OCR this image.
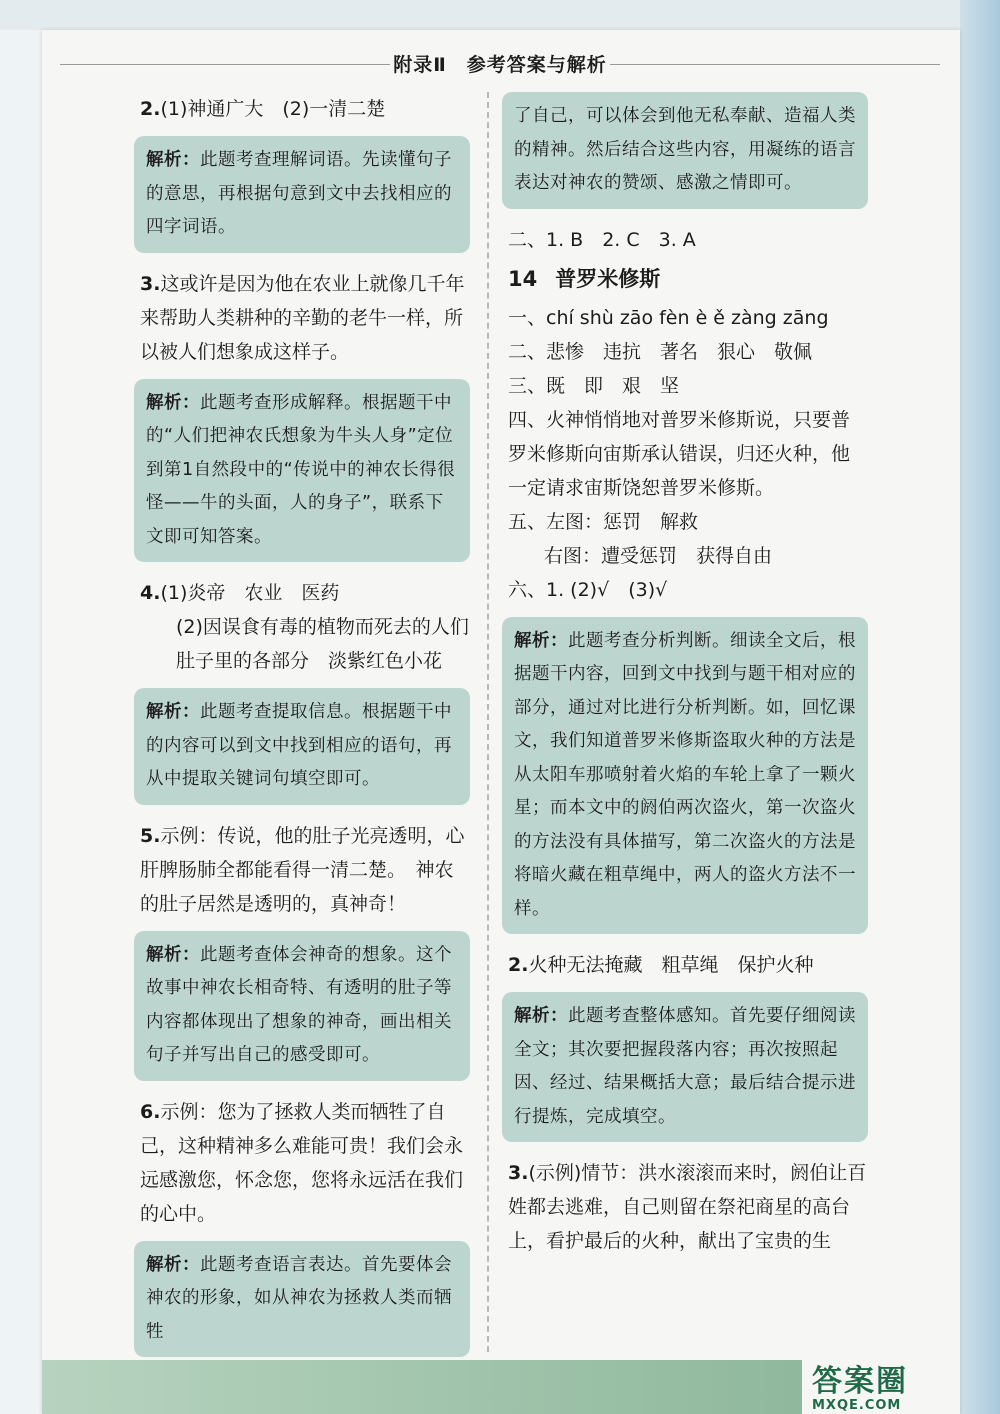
附录Ⅱ　参考答案与解析

2.(1)神通广大　(2)一清二楚

解析：此题考查理解词语。先读懂句子的意思，再根据句意到文中去找相应的四字词语。

3.这或许是因为他在农业上就像几千年来帮助人类耕种的辛勤的老牛一样，所以被人们想象成这样子。

解析：此题考查形成解释。根据题干中的“人们把神农氏想象为牛头人身”定位到第1自然段中的“传说中的神农长得很怪——牛的头面，人的身子”，联系下文即可知答案。

4.(1)炎帝　农业　医药

(2)因误食有毒的植物而死去的人们

肚子里的各部分　淡紫红色小花

解析：此题考查提取信息。根据题干中的内容可以到文中找到相应的语句，再从中提取关键词句填空即可。

5.示例：传说，他的肚子光亮透明，心肝脾肠肺全都能看得一清二楚。　神农的肚子居然是透明的，真神奇！

解析：此题考查体会神奇的想象。这个故事中神农长相奇特、有透明的肚子等内容都体现出了想象的神奇，画出相关句子并写出自己的感受即可。

6.示例：您为了拯救人类而牺牲了自己，这种精神多么难能可贵！我们会永远感激您，怀念您，您将永远活在我们的心中。

解析：此题考查语言表达。首先要体会神农的形象，如从神农为拯救人类而牺牲
了自己，可以体会到他无私奉献、造福人类的精神。然后结合这些内容，用凝练的语言表达对神农的赞颂、感激之情即可。

二、1. B　2. C　3. A

14 普罗米修斯

一、chí shù zāo fèn è ě zàng zāng

二、悲惨　违抗　著名　狠心　敬佩

三、既　即　艰　坚

四、火神悄悄地对普罗米修斯说，只要普罗米修斯向宙斯承认错误，归还火种，他一定请求宙斯饶恕普罗米修斯。

五、左图：惩罚　解救

右图：遭受惩罚　获得自由

六、1. (2)√　(3)√

解析：此题考查分析判断。细读全文后，根据题干内容，回到文中找到与题干相对应的部分，通过对比进行分析判断。如，回忆课文，我们知道普罗米修斯盗取火种的方法是从太阳车那喷射着火焰的车轮上拿了一颗火星；而本文中的阏伯两次盗火，第一次盗火的方法没有具体描写，第二次盗火的方法是将暗火藏在粗草绳中，两人的盗火方法不一样。

2.火种无法掩藏　粗草绳　保护火种

解析：此题考查整体感知。首先要仔细阅读全文；其次要把握段落内容；再次按照起因、经过、结果概括大意；最后结合提示进行提炼，完成填空。

3.(示例)情节：洪水滚滚而来时，阏伯让百姓都去逃难，自己则留在祭祀商星的高台上，看护最后的火种，献出了宝贵的生

答案圈
MXQE.COM
